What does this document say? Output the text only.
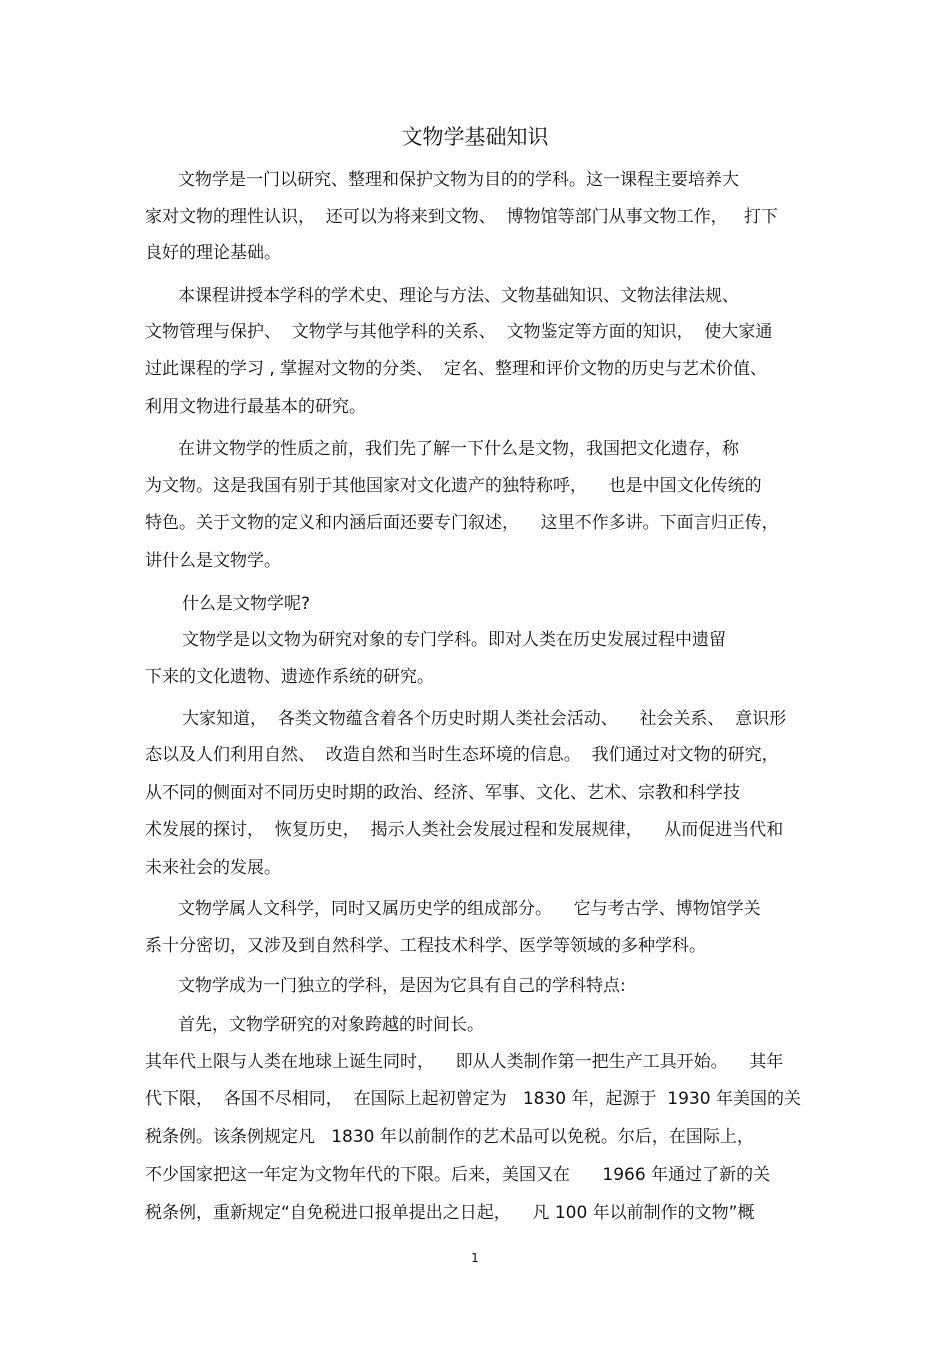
文物学基础知识
文物学是一门以研究、整理和保护文物为目的的学科。这一课程主要培养大
家对文物的理性认识，  还可以为将来到文物、  博物馆等部门从事文物工作，   打下
良好的理论基础。
本课程讲授本学科的学术史、理论与方法、文物基础知识、文物法律法规、
文物管理与保护、  文物学与其他学科的关系、  文物鉴定等方面的知识，  使大家通
过此课程的学习 , 掌握对文物的分类、  定名、整理和评价文物的历史与艺术价值、
利用文物进行最基本的研究。
在讲文物学的性质之前，我们先了解一下什么是文物，我国把文化遗存，称
为文物。这是我国有别于其他国家对文化遗产的独特称呼，    也是中国文化传统的
特色。关于文物的定义和内涵后面还要专门叙述，    这里不作多讲。下面言归正传，
讲什么是文物学。
什么是文物学呢?
文物学是以文物为研究对象的专门学科。即对人类在历史发展过程中遗留
下来的文化遗物、遗迹作系统的研究。
大家知道，  各类文物蕴含着各个历史时期人类社会活动、    社会关系、  意识形
态以及人们利用自然、  改造自然和当时生态环境的信息。  我们通过对文物的研究，
从不同的侧面对不同历史时期的政治、经济、军事、文化、艺术、宗教和科学技
术发展的探讨，  恢复历史，  揭示人类社会发展过程和发展规律，    从而促进当代和
未来社会的发展。
文物学属人文科学，同时又属历史学的组成部分。    它与考古学、博物馆学关
系十分密切，又涉及到自然科学、工程技术科学、医学等领域的多种学科。
文物学成为一门独立的学科，是因为它具有自己的学科特点:
首先，文物学研究的对象跨越的时间长。
其年代上限与人类在地球上诞生同时，    即从人类制作第一把生产工具开始。    其年
代下限，  各国不尽相同，  在国际上起初曾定为   1830 年，起源于  1930 年美国的关
税条例。该条例规定凡   1830 年以前制作的艺术品可以免税。尔后，在国际上，
不少国家把这一年定为文物年代的下限。后来，美国又在      1966 年通过了新的关
税条例，重新规定“自免税进口报单提出之日起，    凡 100 年以前制作的文物”概
1
